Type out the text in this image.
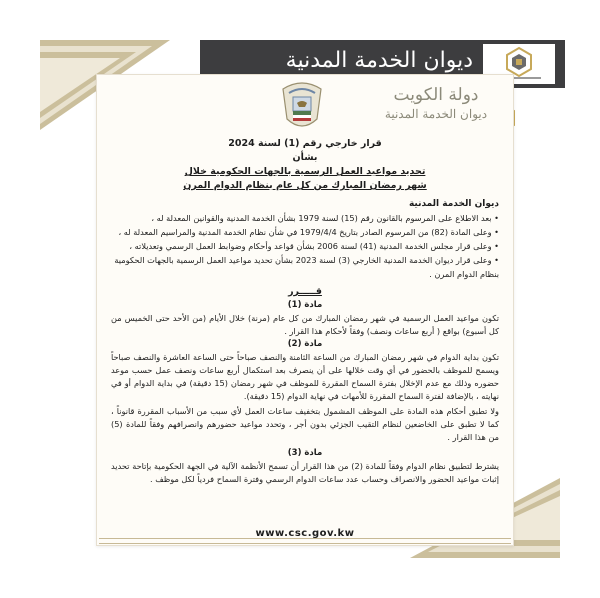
ديوان الخدمة المدنية
دولة الكويت
ديوان الخدمة المدنية
قرار خارجي رقم (1) لسنة 2024
بشأن
تحديد مواعيد العمل الرسمية بالجهات الحكومية خلال
شهر رمضان المبارك من كل عام بنظام الدوام المرن
ديوان الخدمة المدنية
• بعد الاطلاع على المرسوم بالقانون رقم (15) لسنة 1979 بشأن الخدمة المدنية والقوانين المعدلة له ،
• وعلى المادة (82) من المرسوم الصادر بتاريخ 1979/4/4 في شأن نظام الخدمة المدنية والمراسيم المعدلة له ،
• وعلى قرار مجلس الخدمة المدنية (41) لسنة 2006 بشأن قواعد وأحكام وضوابط العمل الرسمي وتعديلاته ،
• وعلى قرار ديوان الخدمة المدنية الخارجي (3) لسنة 2023 بشأن تحديد مواعيد العمل الرسمية بالجهات الحكومية بنظام الدوام المرن .
قـــــرر
مادة (1)
تكون مواعيد العمل الرسمية في شهر رمضان المبارك من كل عام (مرنة) خلال الأيام (من الأحد حتى الخميس من كل أسبوع) بواقع ( أربع ساعات ونصف) وفقاً لأحكام هذا القرار .
مادة (2)
تكون بداية الدوام في شهر رمضان المبارك من الساعة الثامنة والنصف صباحاً حتى الساعة العاشرة والنصف صباحاً ويسمح للموظف بالحضور في أي وقت خلالها على أن ينصرف بعد استكمال أربع ساعات ونصف عمل حسب موعد حضوره وذلك مع عدم الإخلال بفترة السماح المقررة للموظف في شهر رمضان (15 دقيقة) في بداية الدوام أو في نهايته ، بالإضافة لفترة السماح المقررة للأمهات في نهاية الدوام (15 دقيقة).
ولا تطبق أحكام هذه المادة على الموظف المشمول بتخفيف ساعات العمل لأي سبب من الأسباب المقررة قانوناً ، كما لا تطبق على الخاضعين لنظام التقيب الجزئي بدون أجر ، وتحدد مواعيد حضورهم وانصرافهم وفقاً للمادة (5) من هذا القرار .
مادة (3)
يشترط لتطبيق نظام الدوام وفقاً للمادة (2) من هذا القرار أن تسمح الأنظمة الآلية في الجهة الحكومية بإتاحة تحديد إثبات مواعيد الحضور والانصراف وحساب عدد ساعات الدوام الرسمي وفترة السماح فردياً لكل موظف .
www.csc.gov.kw
